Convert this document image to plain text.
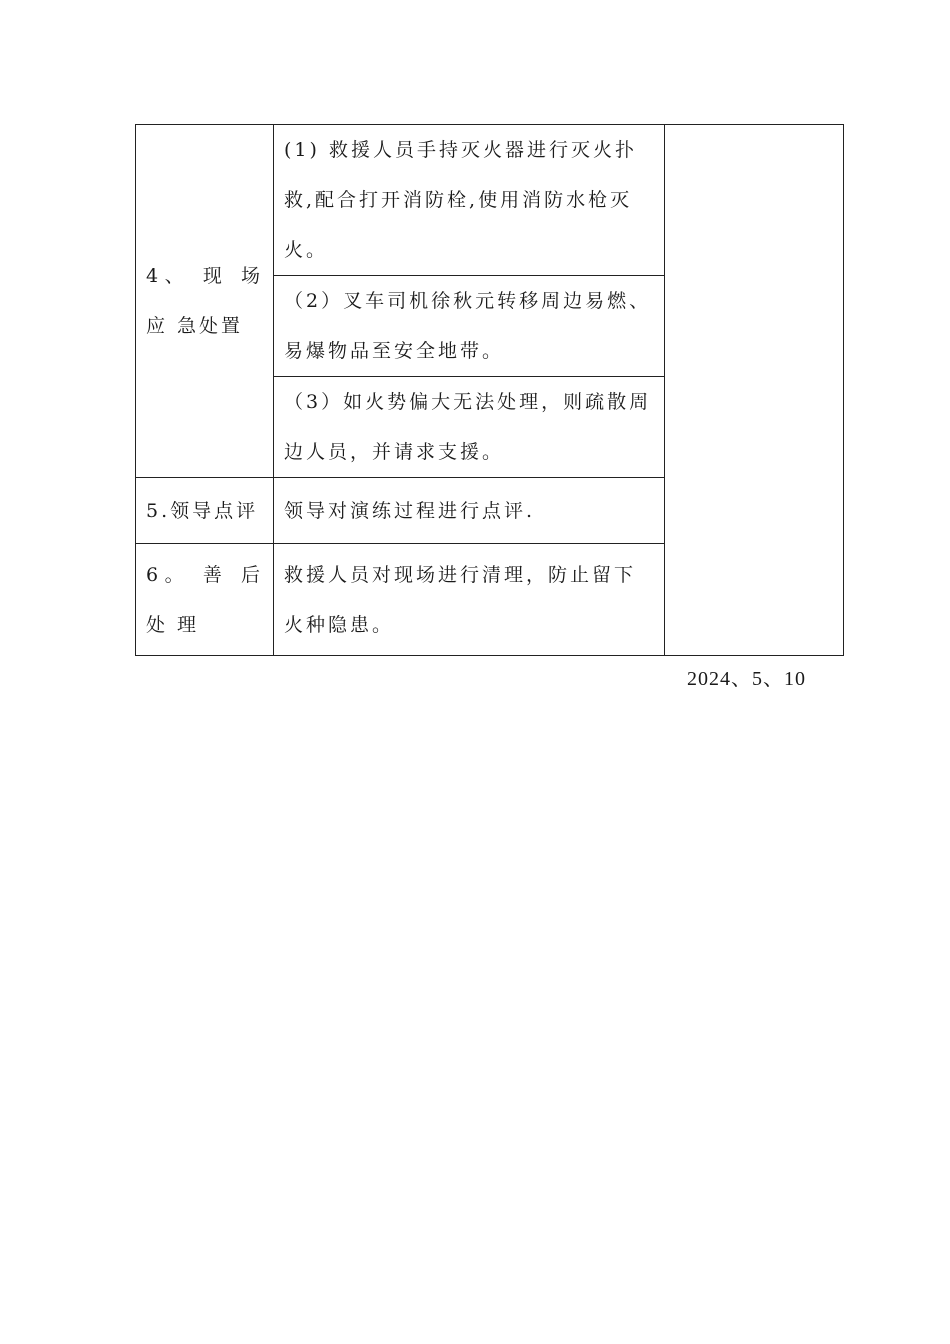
4、 现 场 应 急处置	(1) 救援人员手持灭火器进行灭火扑救,配合打开消防栓,使用消防水枪灭火。	
	（2）叉车司机徐秋元转移周边易燃、易爆物品至安全地带。	
	（3）如火势偏大无法处理，则疏散周边人员，并请求支援。	
5.领导点评	领导对演练过程进行点评.	
6。 善 后 处 理	救援人员对现场进行清理，防止留下火种隐患。	
2024、5、10
